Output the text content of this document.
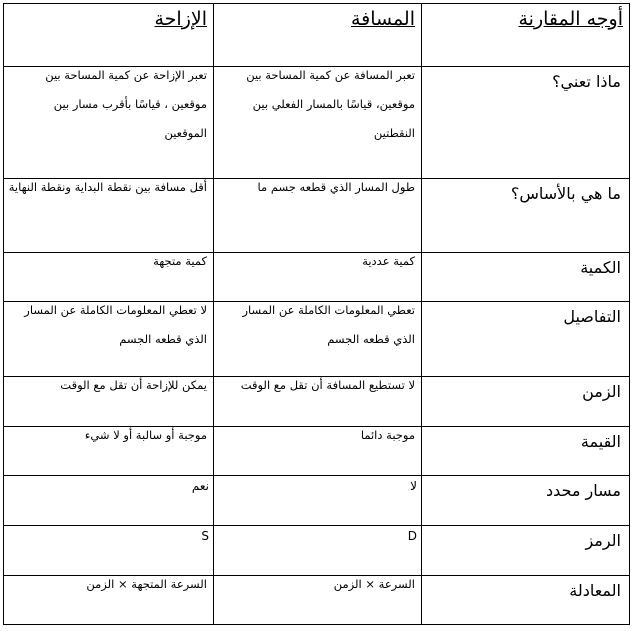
أوجه المقارنة	المسافة	الإزاحة

ماذا تعني؟	تعبر المسافة عن كمية المساحة بين موقعين، قياسًا بالمسار الفعلي بين النقطتين	تعبر الإزاحة عن كمية المساحة بين موقعين ، قياسًا بأقرب مسار بين الموقعين

ما هي بالأساس؟	طول المسار الذي قطعه جسم ما	أقل مسافة بين نقطة البداية ونقطة النهاية

الكمية	كمية عددية	كمية متجهة

التفاصيل	تعطي المعلومات الكاملة عن المسار الذي قطعه الجسم	لا تعطي المعلومات الكاملة عن المسار الذي قطعه الجسم

الزمن	لا تستطيع المسافة أن تقل مع الوقت	يمكن للإزاحة أن تقل مع الوقت

القيمة	موجبة دائما	موجبة أو سالبة أو لا شيء

مسار محدد	لا	نعم

الرمز	D	S

المعادلة	السرعة × الزمن	السرعة المتجهة × الزمن
